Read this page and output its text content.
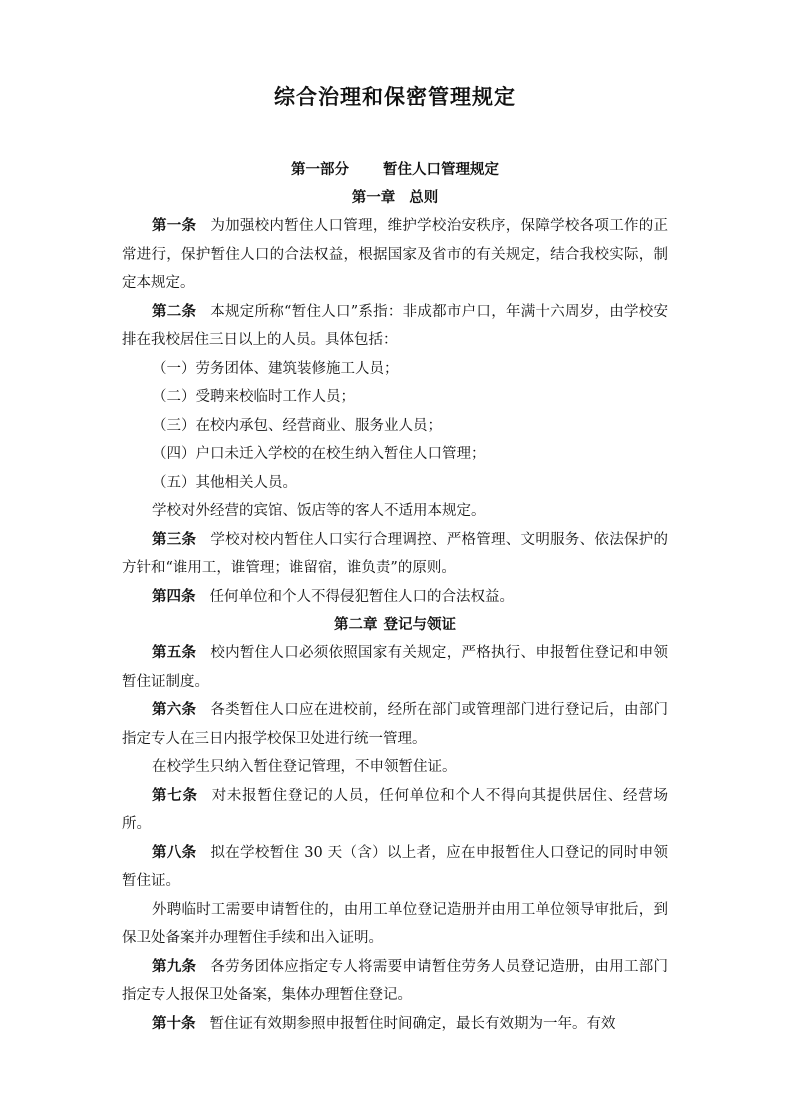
综合治理和保密管理规定
第一部分 暂住人口管理规定
第一章 总则

第一条 为加强校内暂住人口管理，维护学校治安秩序，保障学校各项工作的正常进行，保护暂住人口的合法权益，根据国家及省市的有关规定，结合我校实际，制定本规定。

第二条 本规定所称“暂住人口”系指：非成都市户口，年满十六周岁，由学校安排在我校居住三日以上的人员。具体包括：

（一）劳务团体、建筑装修施工人员；

（二）受聘来校临时工作人员；

（三）在校内承包、经营商业、服务业人员；

（四）户口未迁入学校的在校生纳入暂住人口管理；

（五）其他相关人员。

学校对外经营的宾馆、饭店等的客人不适用本规定。

第三条 学校对校内暂住人口实行合理调控、严格管理、文明服务、依法保护的方针和“谁用工，谁管理；谁留宿，谁负责”的原则。

第四条 任何单位和个人不得侵犯暂住人口的合法权益。

第二章 登记与领证

第五条 校内暂住人口必须依照国家有关规定，严格执行、申报暂住登记和申领暂住证制度。

第六条 各类暂住人口应在进校前，经所在部门或管理部门进行登记后，由部门指定专人在三日内报学校保卫处进行统一管理。

在校学生只纳入暂住登记管理，不申领暂住证。

第七条 对未报暂住登记的人员，任何单位和个人不得向其提供居住、经营场所。

第八条 拟在学校暂住 30 天（含）以上者，应在申报暂住人口登记的同时申领暂住证。

外聘临时工需要申请暂住的，由用工单位登记造册并由用工单位领导审批后，到保卫处备案并办理暂住手续和出入证明。

第九条 各劳务团体应指定专人将需要申请暂住劳务人员登记造册，由用工部门指定专人报保卫处备案，集体办理暂住登记。

第十条 暂住证有效期参照申报暂住时间确定，最长有效期为一年。有效
